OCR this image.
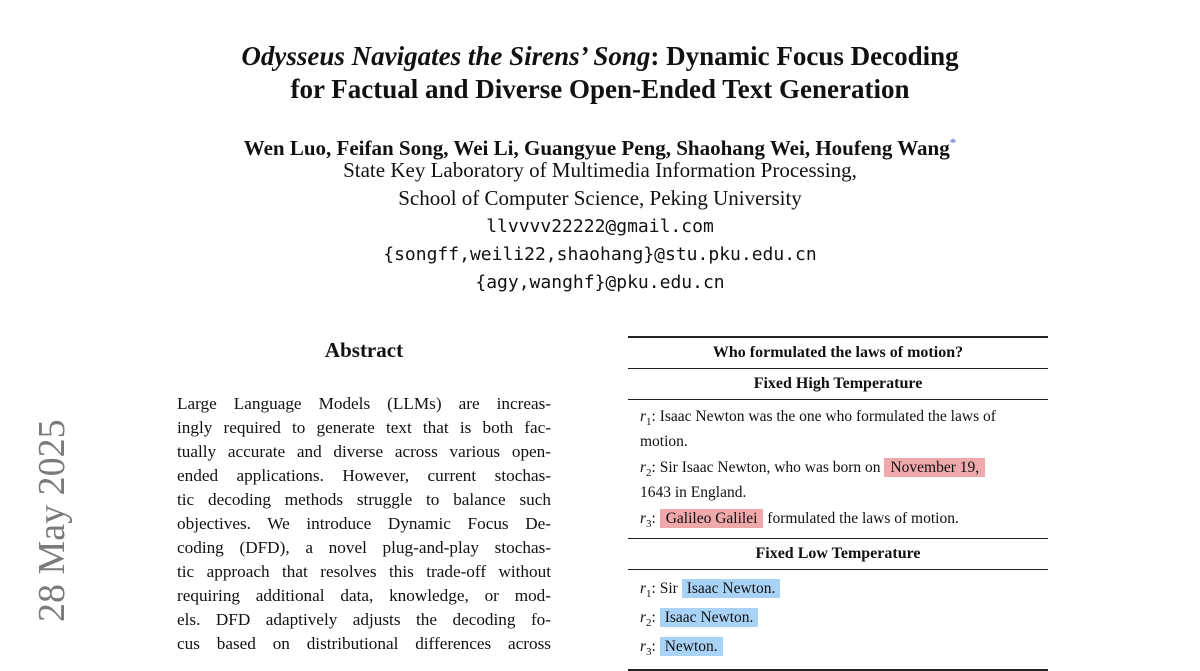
28 May 2025
Odysseus Navigates the Sirens’ Song: Dynamic Focus Decoding
for Factual and Diverse Open-Ended Text Generation
Wen Luo, Feifan Song, Wei Li, Guangyue Peng, Shaohang Wei, Houfeng Wang*
State Key Laboratory of Multimedia Information Processing,
School of Computer Science, Peking University
llvvvv22222@gmail.com
{songff,weili22,shaohang}@stu.pku.edu.cn
{agy,wanghf}@pku.edu.cn
Abstract
Large Language Models (LLMs) are increas-
ingly required to generate text that is both fac-
tually accurate and diverse across various open-
ended applications. However, current stochas-
tic decoding methods struggle to balance such
objectives. We introduce Dynamic Focus De-
coding (DFD), a novel plug-and-play stochas-
tic approach that resolves this trade-off without
requiring additional data, knowledge, or mod-
els. DFD adaptively adjusts the decoding fo-
cus based on distributional differences across
Who formulated the laws of motion?
Fixed High Temperature
$r_1$: Isaac Newton was the one who formulated the laws of motion.
$r_2$: Sir Isaac Newton, who was born on November 19,
1643 in England.
$r_3$: Galileo Galilei formulated the laws of motion.
Fixed Low Temperature
$r_1$: Sir Isaac Newton.
$r_2$: Isaac Newton.
$r_3$: Newton.
